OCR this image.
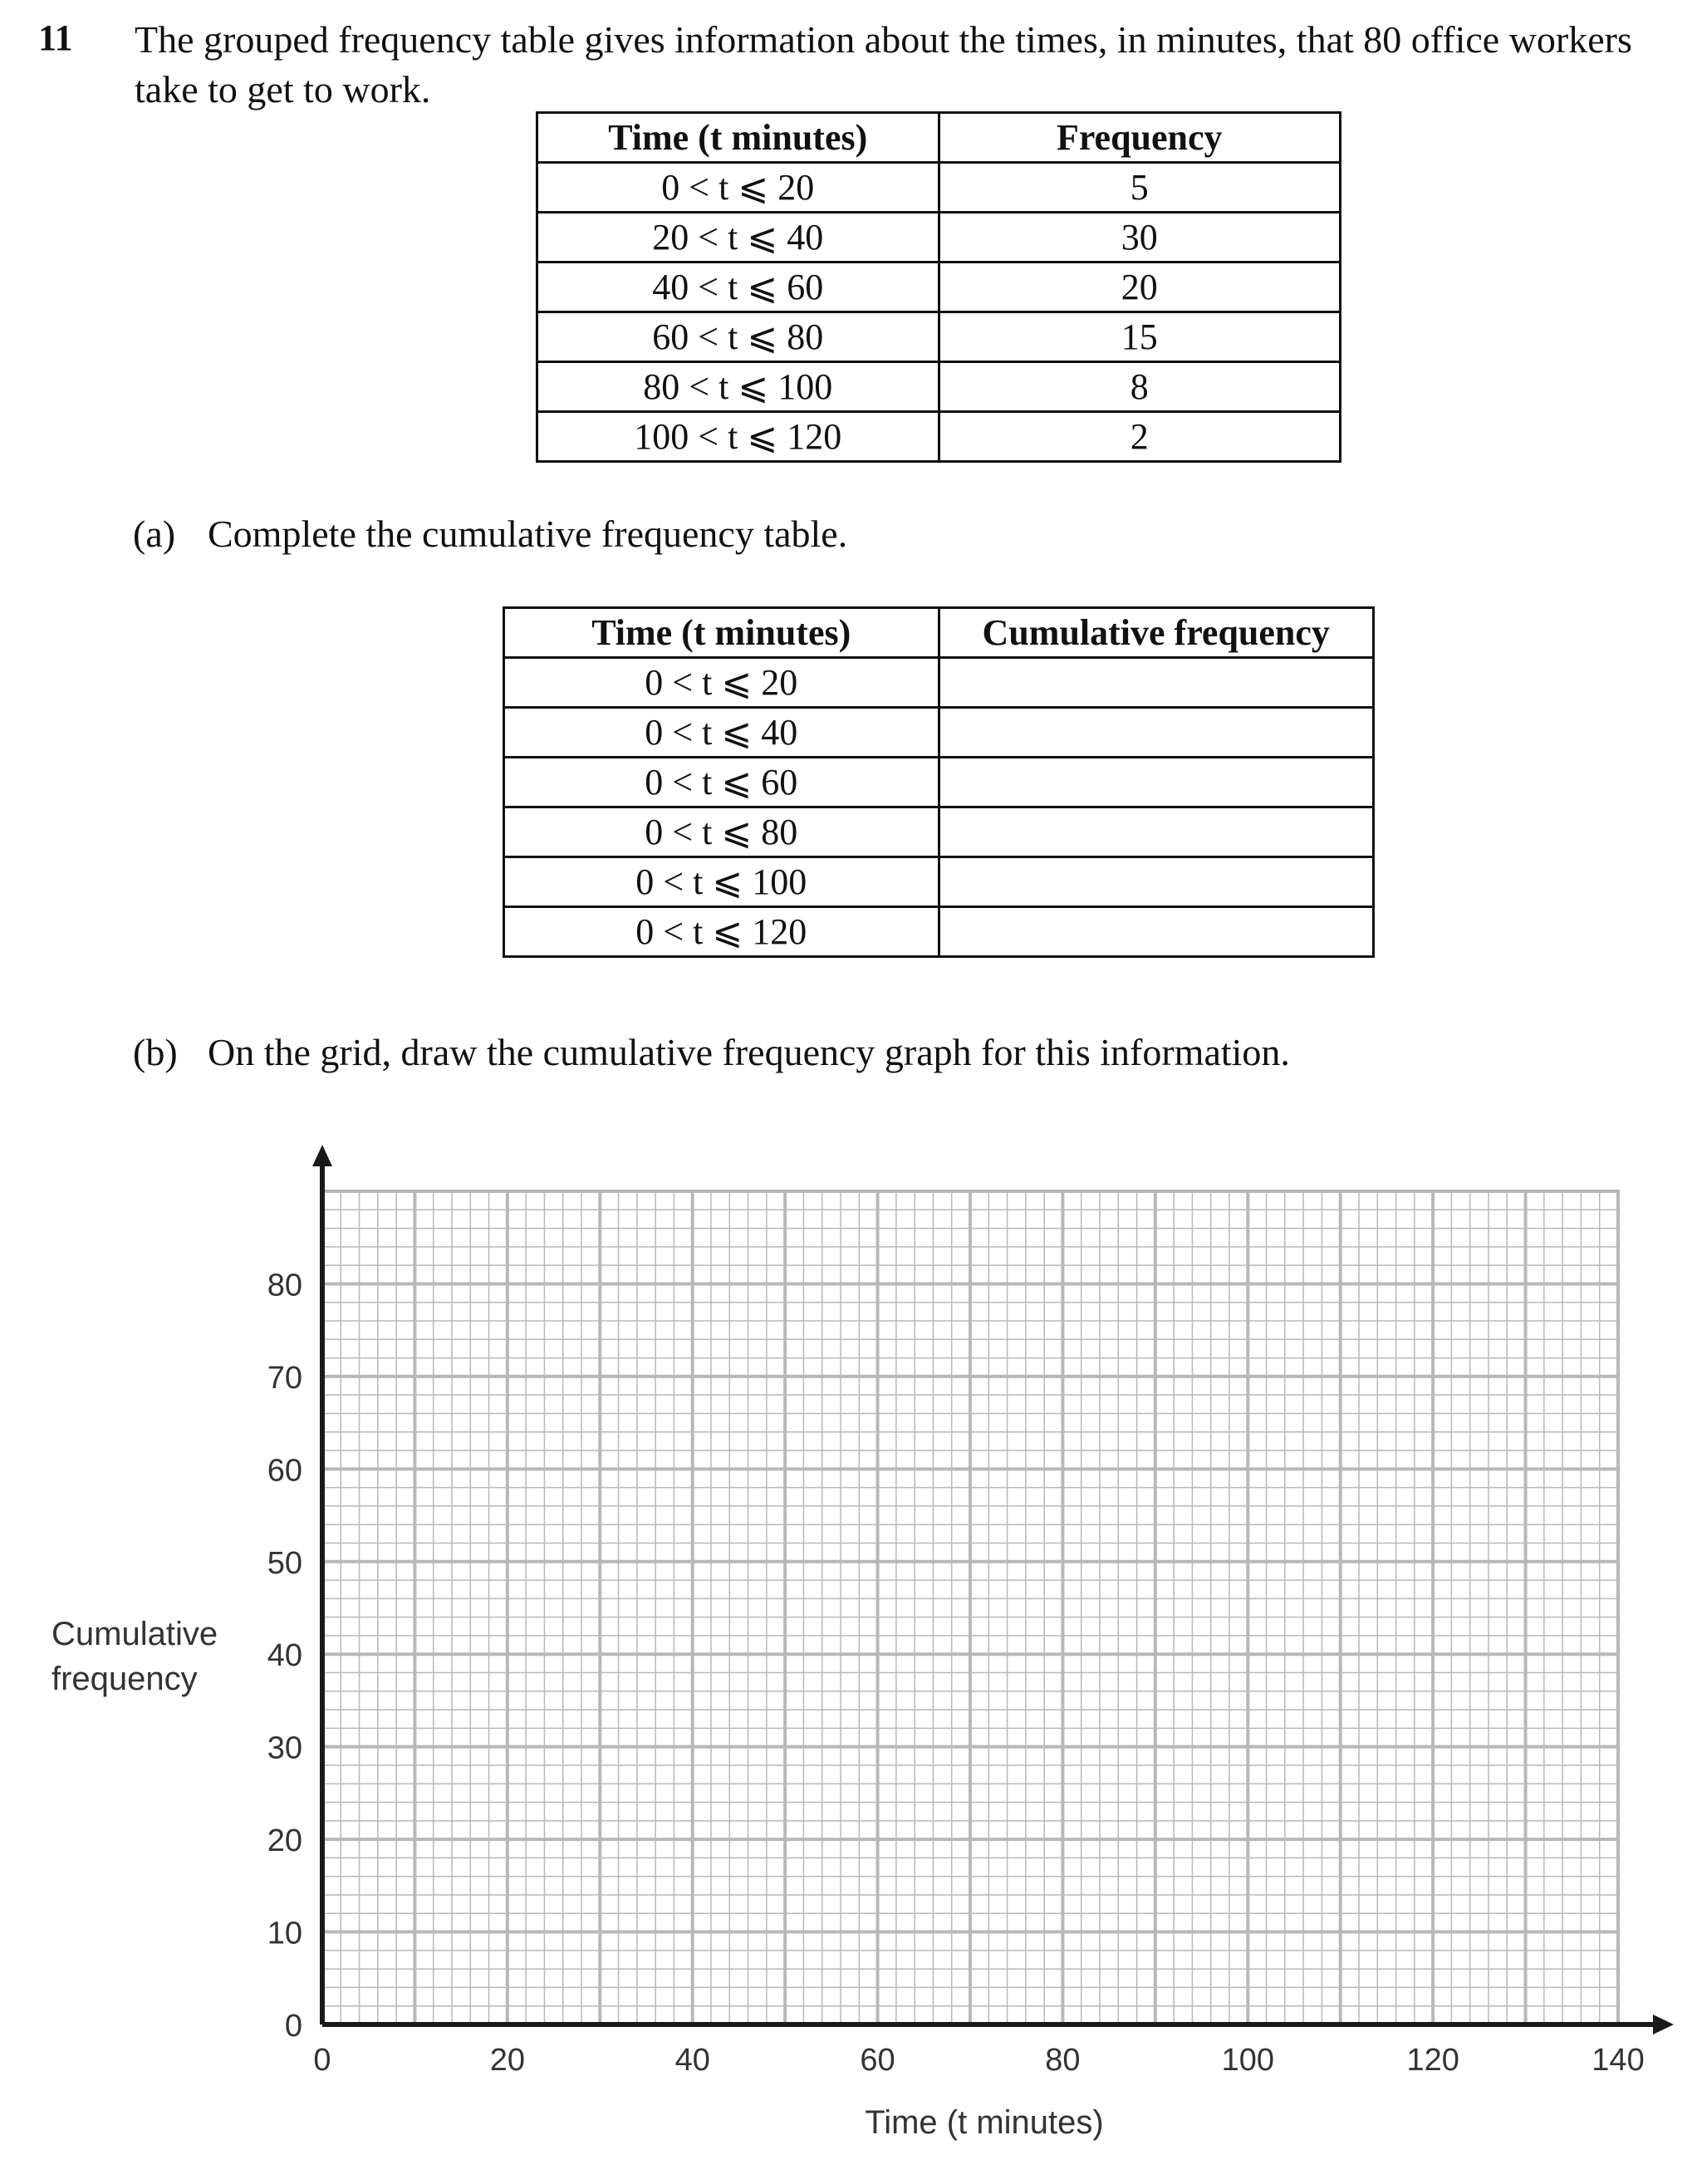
11 The grouped frequency table gives information about the times, in minutes, that 80 office workers take to get to work.
Time (t minutes)	Frequency
0 < t ⩽ 20	5
20 < t ⩽ 40	30
40 < t ⩽ 60	20
60 < t ⩽ 80	15
80 < t ⩽ 100	8
100 < t ⩽ 120	2
(a) Complete the cumulative frequency table.
Time (t minutes)	Cumulative frequency
0 < t ⩽ 20	
0 < t ⩽ 40	
0 < t ⩽ 60	
0 < t ⩽ 80	
0 < t ⩽ 100	
0 < t ⩽ 120	
(b) On the grid, draw the cumulative frequency graph for this information.
0	20	40	60	80	100	120	140
0
10
20
30
40
50
60
70
80
Time (t minutes)
Cumulative frequency
